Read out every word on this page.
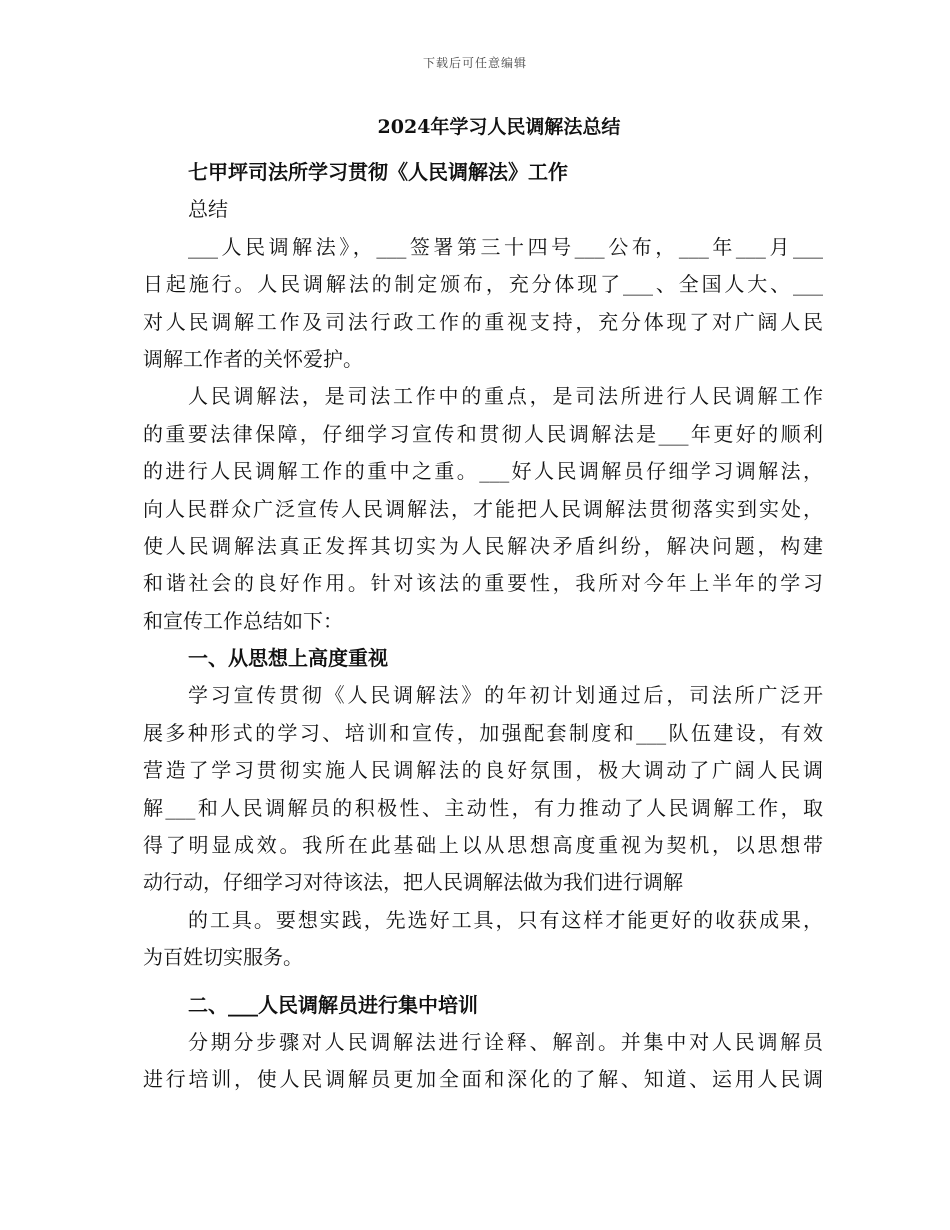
下载后可任意编辑
2024年学习人民调解法总结
七甲坪司法所学习贯彻《人民调解法》工作
总结
___人民调解法》，___签署第三十四号___公布，___年___月___
日起施行。人民调解法的制定颁布，充分体现了___、全国人大、___
对人民调解工作及司法行政工作的重视支持，充分体现了对广阔人民
调解工作者的关怀爱护。
人民调解法，是司法工作中的重点，是司法所进行人民调解工作
的重要法律保障，仔细学习宣传和贯彻人民调解法是___年更好的顺利
的进行人民调解工作的重中之重。___好人民调解员仔细学习调解法，
向人民群众广泛宣传人民调解法，才能把人民调解法贯彻落实到实处，
使人民调解法真正发挥其切实为人民解决矛盾纠纷，解决问题，构建
和谐社会的良好作用。针对该法的重要性，我所对今年上半年的学习
和宣传工作总结如下：
一、从思想上高度重视
学习宣传贯彻《人民调解法》的年初计划通过后，司法所广泛开
展多种形式的学习、培训和宣传，加强配套制度和___队伍建设，有效
营造了学习贯彻实施人民调解法的良好氛围，极大调动了广阔人民调
解___和人民调解员的积极性、主动性，有力推动了人民调解工作，取
得了明显成效。我所在此基础上以从思想高度重视为契机，以思想带
动行动，仔细学习对待该法，把人民调解法做为我们进行调解
的工具。要想实践，先选好工具，只有这样才能更好的收获成果，
为百姓切实服务。
二、___人民调解员进行集中培训
分期分步骤对人民调解法进行诠释、解剖。并集中对人民调解员
进行培训，使人民调解员更加全面和深化的了解、知道、运用人民调
